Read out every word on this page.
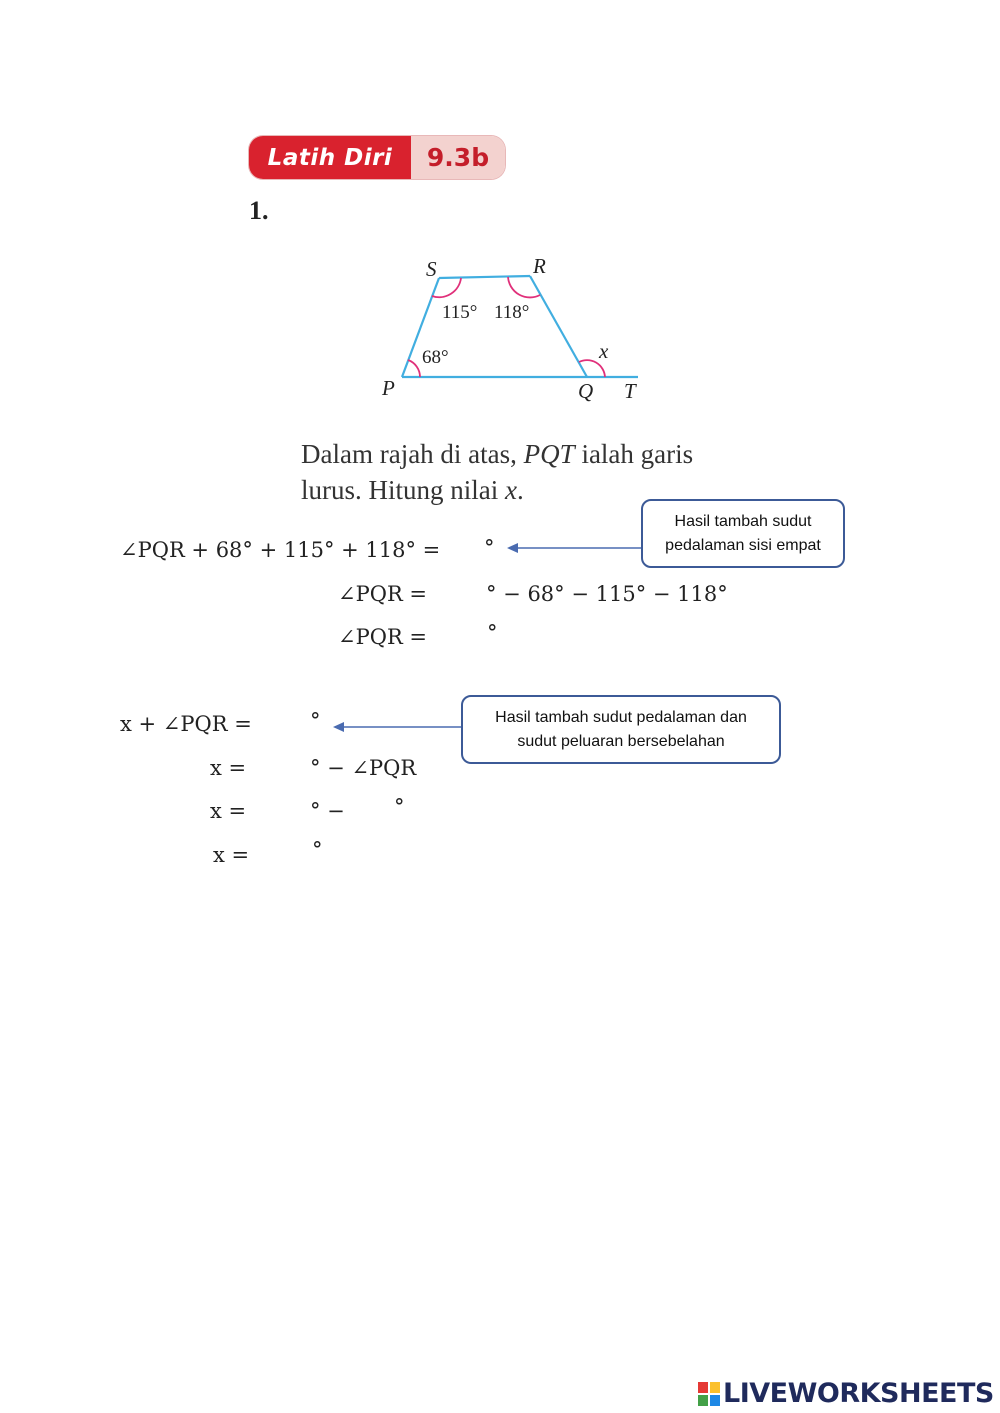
Latih Diri	9.3b
1.
S	R
P	Q T
x
115° 118°
68°
Dalam rajah di atas, PQT ialah garis
lurus. Hitung nilai x.
∠PQR + 68° + 115° + 118° = °
∠PQR =	° − 68° − 115° − 118°
∠PQR =	°
Hasil tambah sudut pedalaman sisi empat
x + ∠PQR =	°
x =	° − ∠PQR
x =	° − °
x =	°
Hasil tambah sudut pedalaman dan sudut peluaran bersebelahan
LIVEWORKSHEETS
